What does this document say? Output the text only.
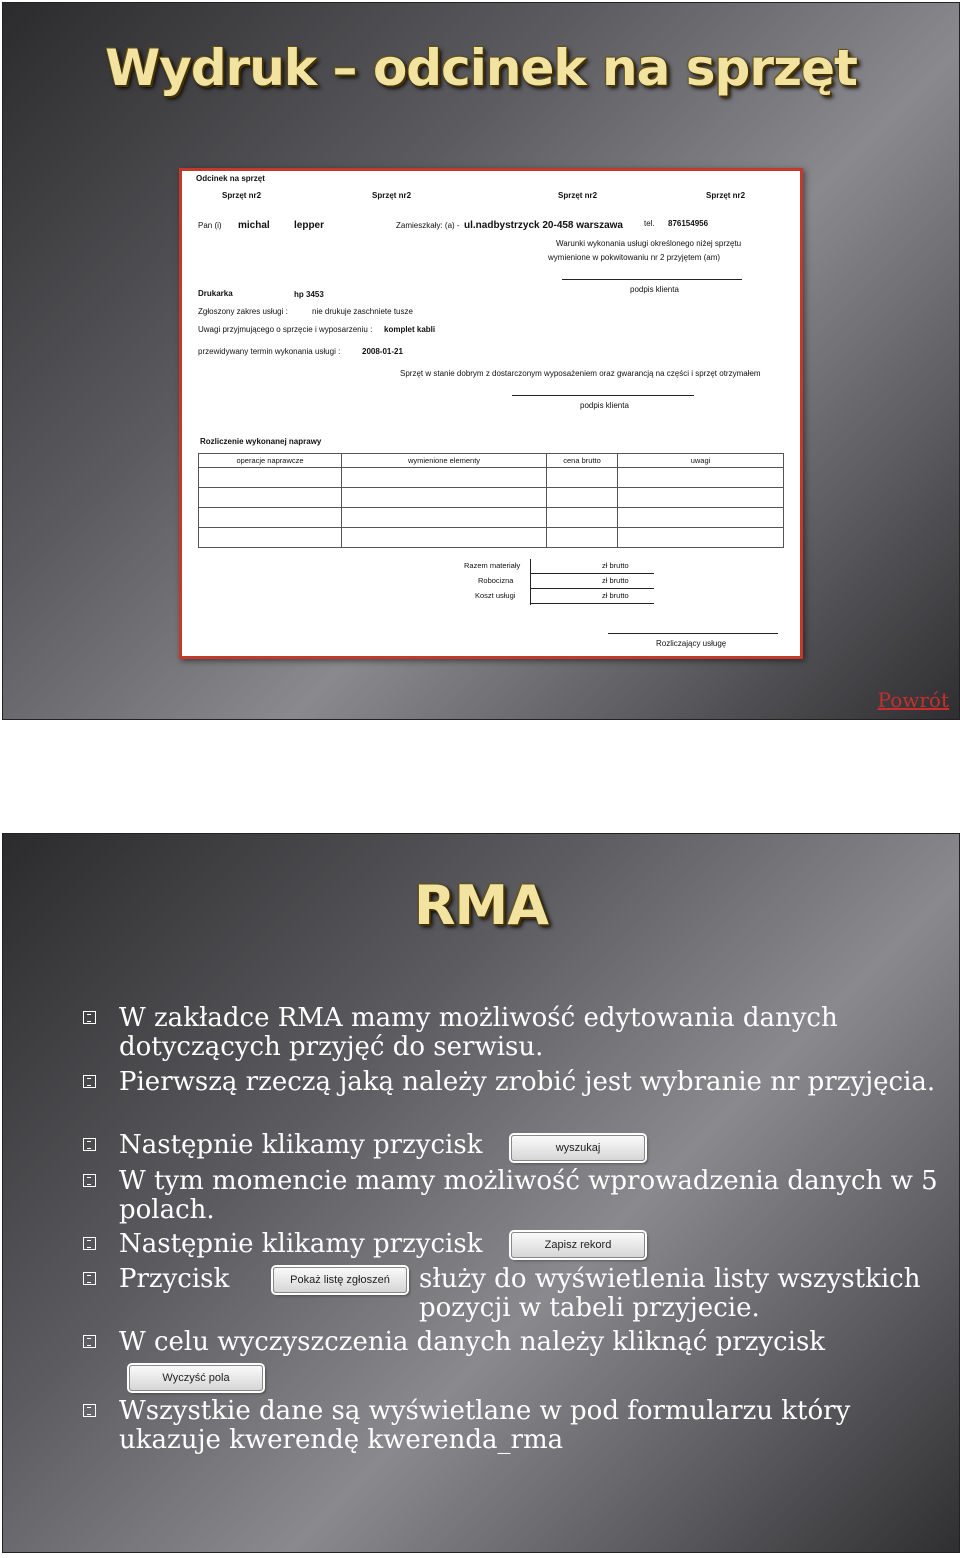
Wydruk – odcinek na sprzęt
Odcinek na sprzęt
Sprzęt nr2	Sprzęt nr2	Sprzęt nr2	Sprzęt nr2
Pan (i) michal lepper	Zamieszkały: (a) - ul.nadbystrzyck 20-458 warszawa	tel. 876154956
Warunki wykonania usługi określonego niżej sprzętu
wymienione w pokwitowaniu nr 2 przyjętem (am)
podpis klienta
Drukarka	hp 3453
Zgłoszony zakres usługi :	nie drukuje zaschniete tusze
Uwagi przyjmującego o sprzęcie i wyposarzeniu : komplet kabli
przewidywany termin wykonania usługi :	2008-01-21
Sprzęt w stanie dobrym z dostarczonym wyposażeniem oraz gwarancją na części i sprzęt otrzymałem
podpis klienta
Rozliczenie wykonanej naprawy
operacje naprawcze	wymienione elementy	cena brutto	uwagi

Razem materiały	zł brutto
Robocizna	zł brutto
Koszt usługi	zł brutto
Rozliczający usługę
Powrót
RMA
W zakładce RMA mamy możliwość edytowania danych dotyczących przyjęć do serwisu.
Pierwszą rzeczą jaką należy zrobić jest wybranie nr przyjęcia.
Następnie klikamy przycisk
W tym momencie mamy możliwość wprowadzenia danych w 5 polach.
Następnie klikamy przycisk
Przycisk	służy do wyświetlenia listy wszystkich pozycji w tabeli przyjecie.
W celu wyczyszczenia danych należy kliknąć przycisk
Wszystkie dane są wyświetlane w pod formularzu który ukazuje kwerendę kwerenda_rma
wyszukaj
Zapisz rekord
Pokaż listę zgłoszeń
Wyczyść pola
